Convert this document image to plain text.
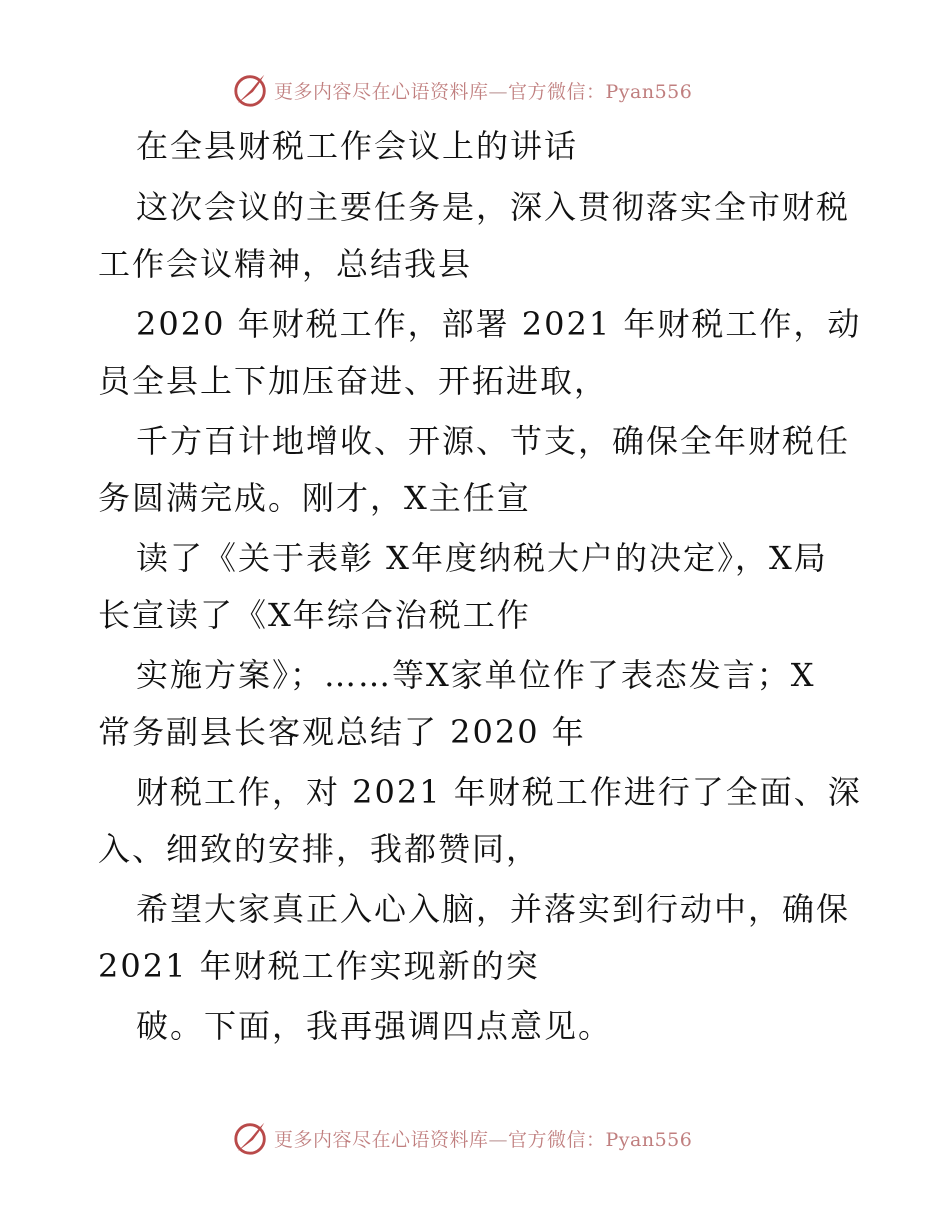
更多内容尽在心语资料库—官方微信：Pyan556
在全县财税工作会议上的讲话
这次会议的主要任务是，深入贯彻落实全市财税
工作会议精神，总结我县
2020 年财税工作，部署 2021 年财税工作，动
员全县上下加压奋进、开拓进取，
千方百计地增收、开源、节支，确保全年财税任
务圆满完成。刚才，X主任宣
读了《关于表彰 X年度纳税大户的决定》，X局
长宣读了《X年综合治税工作
实施方案》；……等X家单位作了表态发言；X
常务副县长客观总结了 2020 年
财税工作，对 2021 年财税工作进行了全面、深
入、细致的安排，我都赞同，
希望大家真正入心入脑，并落实到行动中，确保
2021 年财税工作实现新的突
破。下面，我再强调四点意见。
更多内容尽在心语资料库—官方微信：Pyan556
